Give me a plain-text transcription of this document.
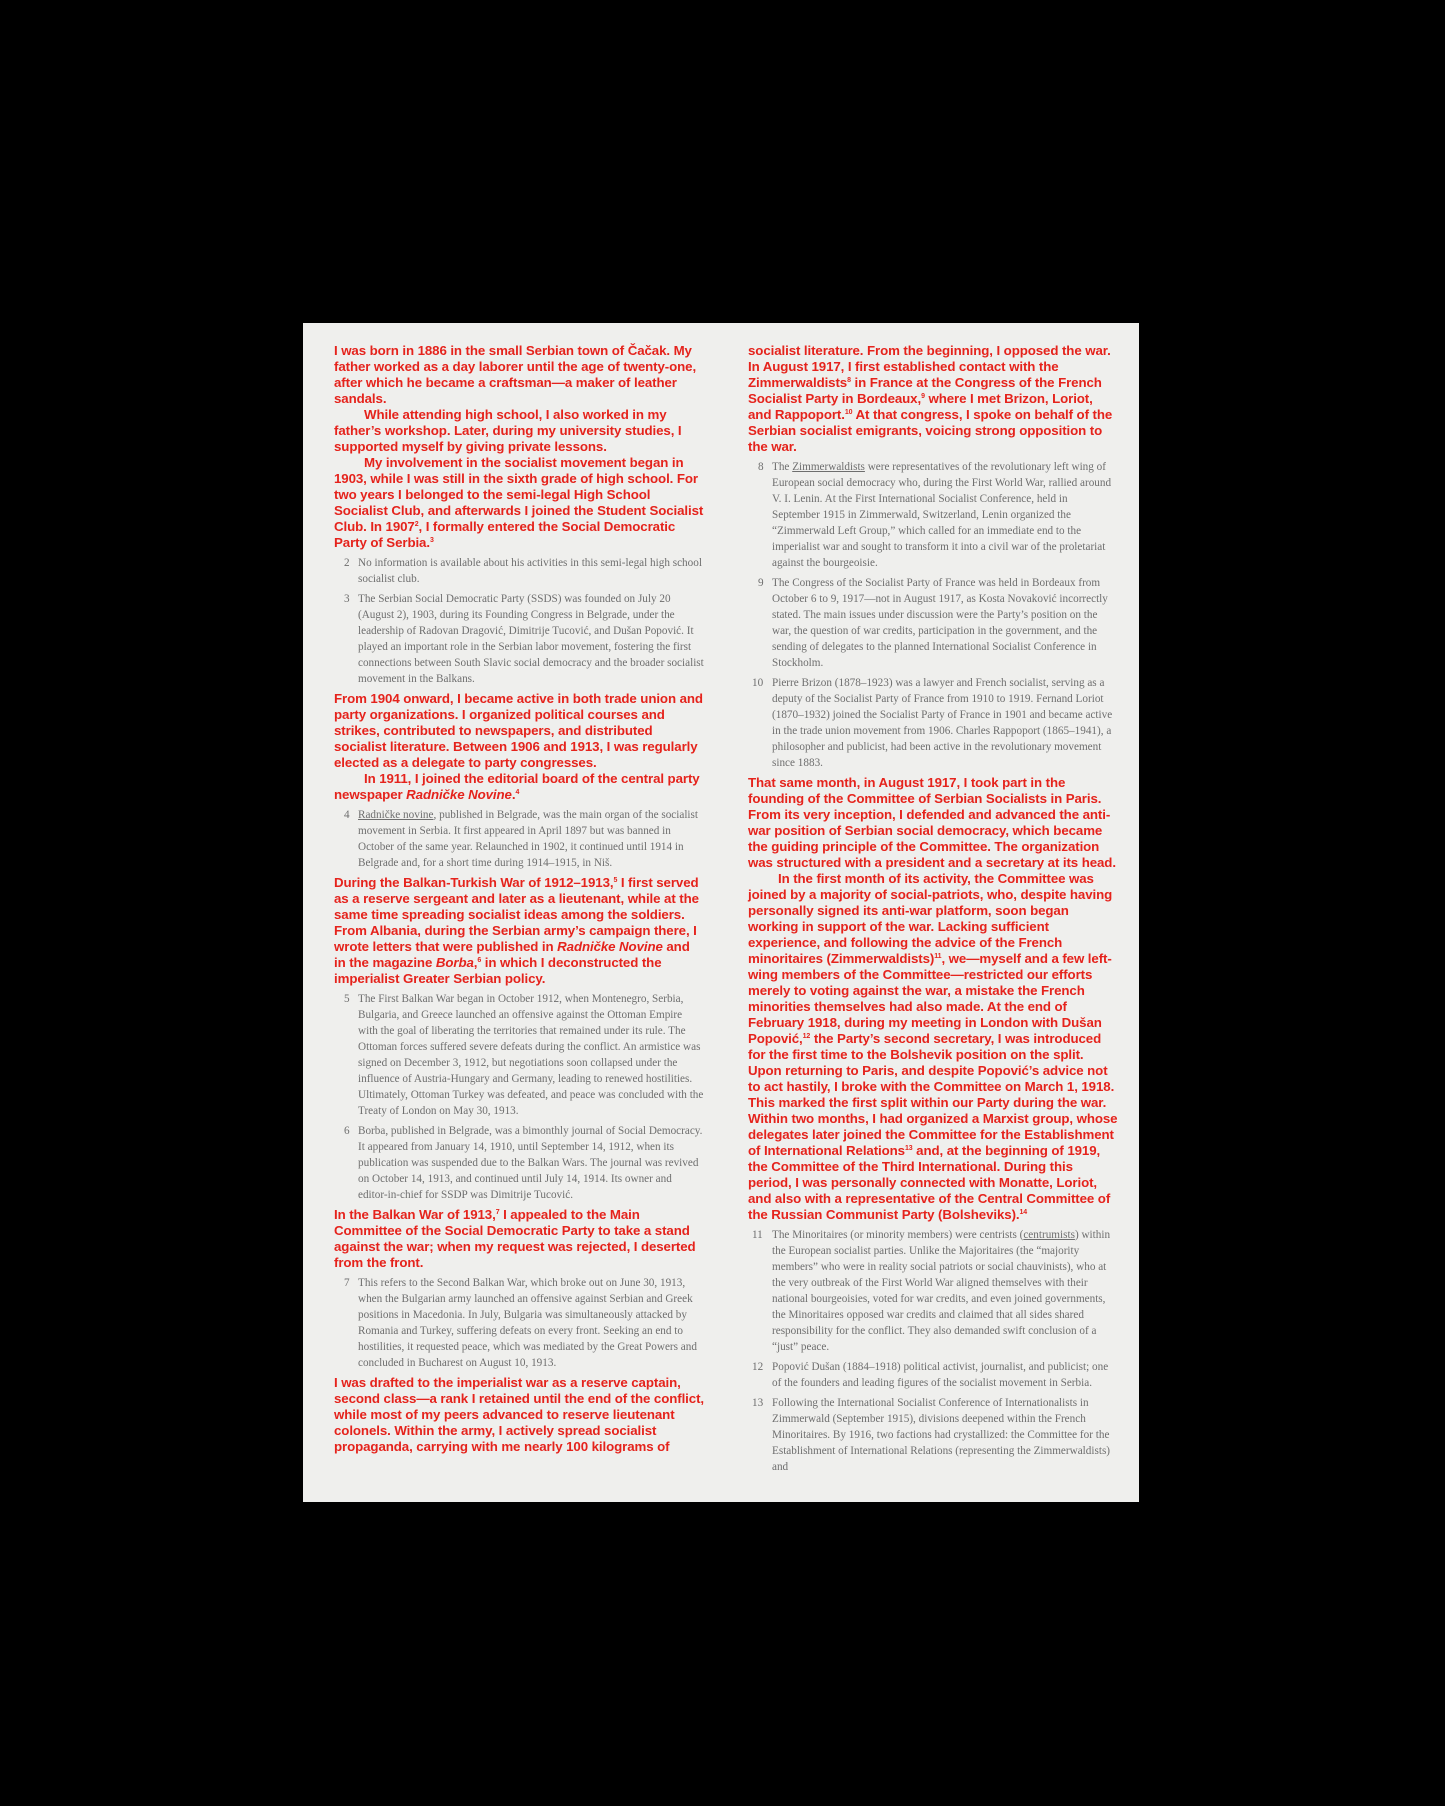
I was born in 1886 in the small Serbian town of Čačak. My father worked as a day laborer until the age of twenty-one, after which he became a craftsman—a maker of leather sandals.

While attending high school, I also worked in my father’s workshop. Later, during my university studies, I supported myself by giving private lessons.

My involvement in the socialist movement began in 1903, while I was still in the sixth grade of high school. For two years I belonged to the semi-legal High School Socialist Club, and afterwards I joined the Student Socialist Club. In 1907$^2$, I formally entered the Social Democratic Party of Serbia.$^3$

2 No information is available about his activities in this semi-legal high school socialist club.

3 The Serbian Social Democratic Party (SSDS) was founded on July 20 (August 2), 1903, during its Founding Congress in Belgrade, under the leadership of Radovan Dragović, Dimitrije Tucović, and Dušan Popović. It played an important role in the Serbian labor movement, fostering the first connections between South Slavic social democracy and the broader socialist movement in the Balkans.

From 1904 onward, I became active in both trade union and party organizations. I organized political courses and strikes, contributed to newspapers, and distributed socialist literature. Between 1906 and 1913, I was regularly elected as a delegate to party congresses.

In 1911, I joined the editorial board of the central party newspaper Radničke Novine.$^4$

4 Radničke novine, published in Belgrade, was the main organ of the socialist movement in Serbia. It first appeared in April 1897 but was banned in October of the same year. Relaunched in 1902, it continued until 1914 in Belgrade and, for a short time during 1914–1915, in Niš.

During the Balkan-Turkish War of 1912–1913,$^5$ I first served as a reserve sergeant and later as a lieutenant, while at the same time spreading socialist ideas among the soldiers. From Albania, during the Serbian army’s campaign there, I wrote letters that were published in Radničke Novine and in the magazine Borba,$^6$ in which I deconstructed the imperialist Greater Serbian policy.

5 The First Balkan War began in October 1912, when Montenegro, Serbia, Bulgaria, and Greece launched an offensive against the Ottoman Empire with the goal of liberating the territories that remained under its rule. The Ottoman forces suffered severe defeats during the conflict. An armistice was signed on December 3, 1912, but negotiations soon collapsed under the influence of Austria-Hungary and Germany, leading to renewed hostilities. Ultimately, Ottoman Turkey was defeated, and peace was concluded with the Treaty of London on May 30, 1913.

6 Borba, published in Belgrade, was a bimonthly journal of Social Democracy. It appeared from January 14, 1910, until September 14, 1912, when its publication was suspended due to the Balkan Wars. The journal was revived on October 14, 1913, and continued until July 14, 1914. Its owner and editor-in-chief for SSDP was Dimitrije Tucović.

In the Balkan War of 1913,$^7$ I appealed to the Main Committee of the Social Democratic Party to take a stand against the war; when my request was rejected, I deserted from the front.

7 This refers to the Second Balkan War, which broke out on June 30, 1913, when the Bulgarian army launched an offensive against Serbian and Greek positions in Macedonia. In July, Bulgaria was simultaneously attacked by Romania and Turkey, suffering defeats on every front. Seeking an end to hostilities, it requested peace, which was mediated by the Great Powers and concluded in Bucharest on August 10, 1913.

I was drafted to the imperialist war as a reserve captain, second class—a rank I retained until the end of the conflict, while most of my peers advanced to reserve lieutenant colonels. Within the army, I actively spread socialist propaganda, carrying with me nearly 100 kilograms of

socialist literature. From the beginning, I opposed the war. In August 1917, I first established contact with the Zimmerwaldists$^8$ in France at the Congress of the French Socialist Party in Bordeaux,$^9$ where I met Brizon, Loriot, and Rappoport.$^{10}$ At that congress, I spoke on behalf of the Serbian socialist emigrants, voicing strong opposition to the war.

8 The Zimmerwaldists were representatives of the revolutionary left wing of European social democracy who, during the First World War, rallied around V. I. Lenin. At the First International Socialist Conference, held in September 1915 in Zimmerwald, Switzerland, Lenin organized the “Zimmerwald Left Group,” which called for an immediate end to the imperialist war and sought to transform it into a civil war of the proletariat against the bourgeoisie.

9 The Congress of the Socialist Party of France was held in Bordeaux from October 6 to 9, 1917—not in August 1917, as Kosta Novaković incorrectly stated. The main issues under discussion were the Party’s position on the war, the question of war credits, participation in the government, and the sending of delegates to the planned International Socialist Conference in Stockholm.

10 Pierre Brizon (1878–1923) was a lawyer and French socialist, serving as a deputy of the Socialist Party of France from 1910 to 1919. Fernand Loriot (1870–1932) joined the Socialist Party of France in 1901 and became active in the trade union movement from 1906. Charles Rappoport (1865–1941), a philosopher and publicist, had been active in the revolutionary movement since 1883.

That same month, in August 1917, I took part in the founding of the Committee of Serbian Socialists in Paris. From its very inception, I defended and advanced the anti-war position of Serbian social democracy, which became the guiding principle of the Committee. The organization was structured with a president and a secretary at its head.

In the first month of its activity, the Committee was joined by a majority of social-patriots, who, despite having personally signed its anti-war platform, soon began working in support of the war. Lacking sufficient experience, and following the advice of the French minoritaires (Zimmerwaldists)$^{11}$, we—myself and a few left-wing members of the Committee—restricted our efforts merely to voting against the war, a mistake the French minorities themselves had also made. At the end of February 1918, during my meeting in London with Dušan Popović,$^{12}$ the Party’s second secretary, I was introduced for the first time to the Bolshevik position on the split. Upon returning to Paris, and despite Popović’s advice not to act hastily, I broke with the Committee on March 1, 1918. This marked the first split within our Party during the war. Within two months, I had organized a Marxist group, whose delegates later joined the Committee for the Establishment of International Relations$^{13}$ and, at the beginning of 1919, the Committee of the Third International. During this period, I was personally connected with Monatte, Loriot, and also with a representative of the Central Committee of the Russian Communist Party (Bolsheviks).$^{14}$

11 The Minoritaires (or minority members) were centrists (centrumists) within the European socialist parties. Unlike the Majoritaires (the “majority members” who were in reality social patriots or social chauvinists), who at the very outbreak of the First World War aligned themselves with their national bourgeoisies, voted for war credits, and even joined governments, the Minoritaires opposed war credits and claimed that all sides shared responsibility for the conflict. They also demanded swift conclusion of a “just” peace.

12 Popović Dušan (1884–1918) political activist, journalist, and publicist; one of the founders and leading figures of the socialist movement in Serbia.

13 Following the International Socialist Conference of Internationalists in Zimmerwald (September 1915), divisions deepened within the French Minoritaires. By 1916, two factions had crystallized: the Committee for the Establishment of International Relations (representing the Zimmerwaldists) and
